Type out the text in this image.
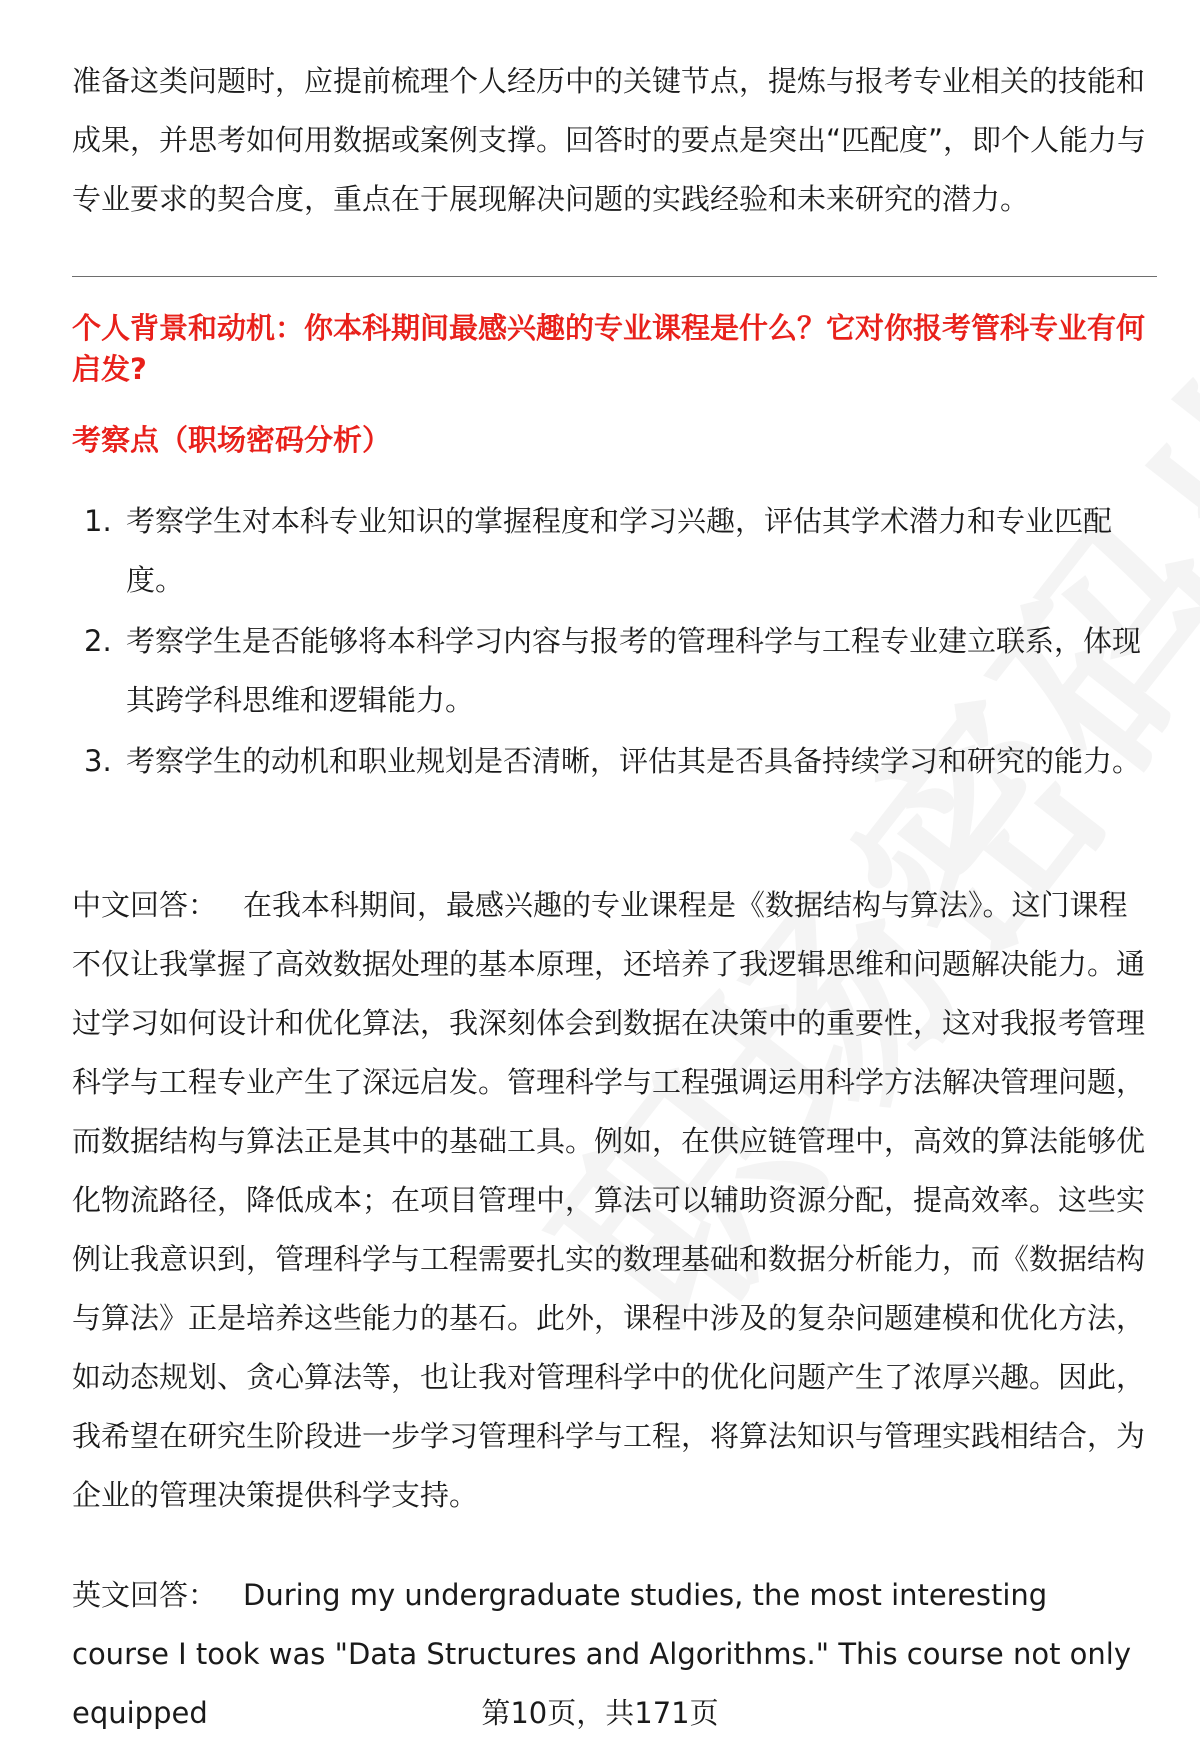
准备这类问题时，应提前梳理个人经历中的关键节点，提炼与报考专业相关的技能和成果，并思考如何用数据或案例支撑。回答时的要点是突出“匹配度”，即个人能力与专业要求的契合度，重点在于展现解决问题的实践经验和未来研究的潜力。
个人背景和动机：你本科期间最感兴趣的专业课程是什么？它对你报考管科专业有何启发?
考察点（职场密码分析）
1. 考察学生对本科专业知识的掌握程度和学习兴趣，评估其学术潜力和专业匹配度。
2. 考察学生是否能够将本科学习内容与报考的管理科学与工程专业建立联系，体现其跨学科思维和逻辑能力。
3. 考察学生的动机和职业规划是否清晰，评估其是否具备持续学习和研究的能力。
中文回答： 在我本科期间，最感兴趣的专业课程是《数据结构与算法》。这门课程不仅让我掌握了高效数据处理的基本原理，还培养了我逻辑思维和问题解决能力。通过学习如何设计和优化算法，我深刻体会到数据在决策中的重要性，这对我报考管理科学与工程专业产生了深远启发。管理科学与工程强调运用科学方法解决管理问题，而数据结构与算法正是其中的基础工具。例如，在供应链管理中，高效的算法能够优化物流路径，降低成本；在项目管理中，算法可以辅助资源分配，提高效率。这些实例让我意识到，管理科学与工程需要扎实的数理基础和数据分析能力，而《数据结构与算法》正是培养这些能力的基石。此外，课程中涉及的复杂问题建模和优化方法，如动态规划、贪心算法等，也让我对管理科学中的优化问题产生了浓厚兴趣。因此，我希望在研究生阶段进一步学习管理科学与工程，将算法知识与管理实践相结合，为企业的管理决策提供科学支持。
英文回答： During my undergraduate studies, the most interesting course I took was "Data Structures and Algorithms." This course not only equipped	第10页，共171页
